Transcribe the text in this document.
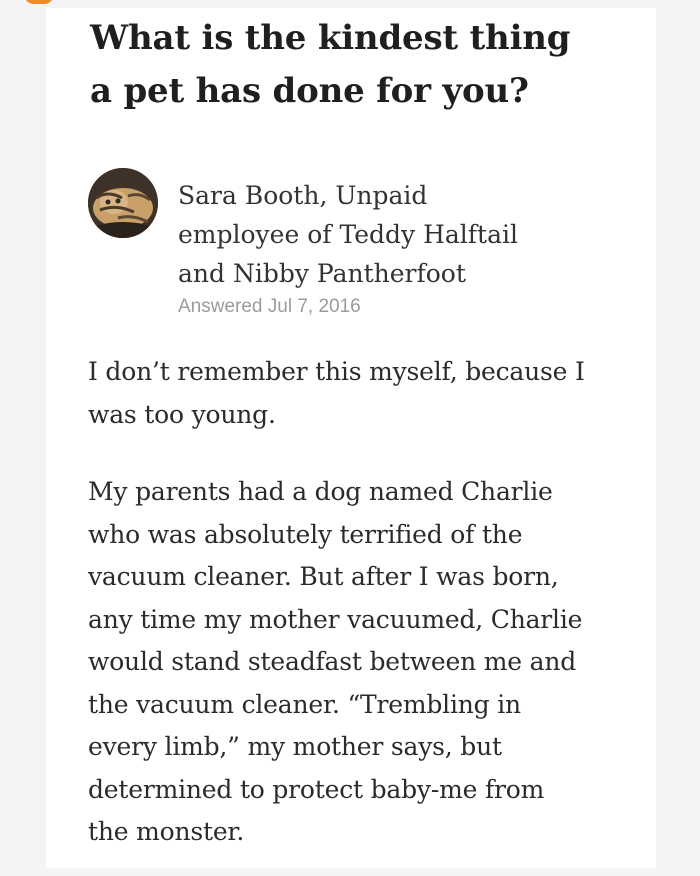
What is the kindest thing
a pet has done for you?
Sara Booth, Unpaid
employee of Teddy Halftail
and Nibby Pantherfoot
Answered Jul 7, 2016
I don’t remember this myself, because I
was too young.
My parents had a dog named Charlie
who was absolutely terrified of the
vacuum cleaner. But after I was born,
any time my mother vacuumed, Charlie
would stand steadfast between me and
the vacuum cleaner. “Trembling in
every limb,” my mother says, but
determined to protect baby-me from
the monster.
